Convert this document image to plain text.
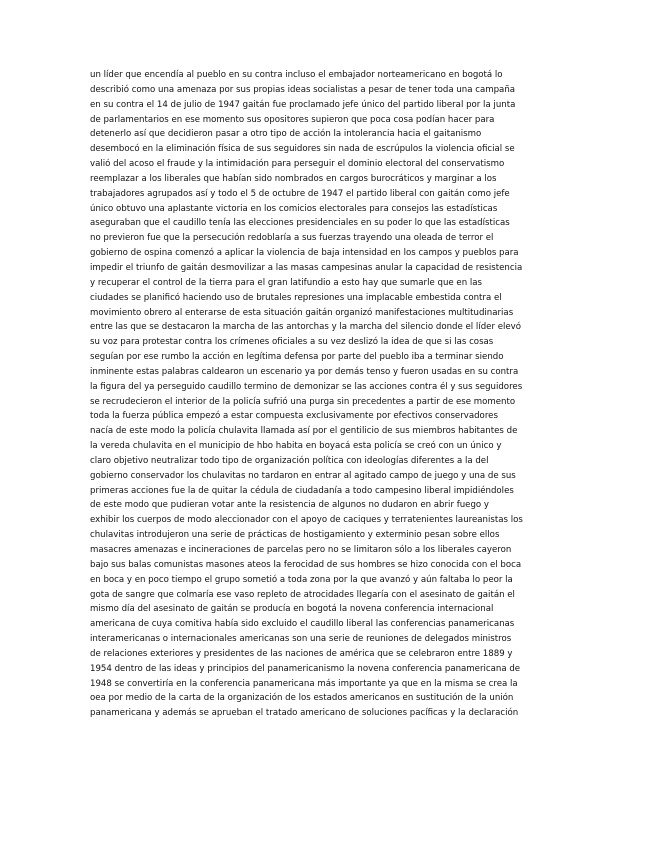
un líder que encendía al pueblo en su contra incluso el embajador norteamericano en bogotá lo
describió como una amenaza por sus propias ideas socialistas a pesar de tener toda una campaña
en su contra el 14 de julio de 1947 gaitán fue proclamado jefe único del partido liberal por la junta
de parlamentarios en ese momento sus opositores supieron que poca cosa podían hacer para
detenerlo así que decidieron pasar a otro tipo de acción la intolerancia hacia el gaitanismo
desembocó en la eliminación física de sus seguidores sin nada de escrúpulos la violencia oficial se
valió del acoso el fraude y la intimidación para perseguir el dominio electoral del conservatismo
reemplazar a los liberales que habían sido nombrados en cargos burocráticos y marginar a los
trabajadores agrupados así y todo el 5 de octubre de 1947 el partido liberal con gaitán como jefe
único obtuvo una aplastante victoria en los comicios electorales para consejos las estadísticas
aseguraban que el caudillo tenía las elecciones presidenciales en su poder lo que las estadísticas
no previeron fue que la persecución redoblaría a sus fuerzas trayendo una oleada de terror el
gobierno de ospina comenzó a aplicar la violencia de baja intensidad en los campos y pueblos para
impedir el triunfo de gaitán desmovilizar a las masas campesinas anular la capacidad de resistencia
y recuperar el control de la tierra para el gran latifundio a esto hay que sumarle que en las
ciudades se planificó haciendo uso de brutales represiones una implacable embestida contra el
movimiento obrero al enterarse de esta situación gaitán organizó manifestaciones multitudinarias
entre las que se destacaron la marcha de las antorchas y la marcha del silencio donde el líder elevó
su voz para protestar contra los crímenes oficiales a su vez deslizó la idea de que si las cosas
seguían por ese rumbo la acción en legítima defensa por parte del pueblo iba a terminar siendo
inminente estas palabras caldearon un escenario ya por demás tenso y fueron usadas en su contra
la figura del ya perseguido caudillo termino de demonizar se las acciones contra él y sus seguidores
se recrudecieron el interior de la policía sufrió una purga sin precedentes a partir de ese momento
toda la fuerza pública empezó a estar compuesta exclusivamente por efectivos conservadores
nacía de este modo la policía chulavita llamada así por el gentilicio de sus miembros habitantes de
la vereda chulavita en el municipio de hbo habita en boyacá esta policía se creó con un único y
claro objetivo neutralizar todo tipo de organización política con ideologías diferentes a la del
gobierno conservador los chulavitas no tardaron en entrar al agitado campo de juego y una de sus
primeras acciones fue la de quitar la cédula de ciudadanía a todo campesino liberal impidiéndoles
de este modo que pudieran votar ante la resistencia de algunos no dudaron en abrir fuego y
exhibir los cuerpos de modo aleccionador con el apoyo de caciques y terratenientes laureanistas los
chulavitas introdujeron una serie de prácticas de hostigamiento y exterminio pesan sobre ellos
masacres amenazas e incineraciones de parcelas pero no se limitaron sólo a los liberales cayeron
bajo sus balas comunistas masones ateos la ferocidad de sus hombres se hizo conocida con el boca
en boca y en poco tiempo el grupo sometió a toda zona por la que avanzó y aún faltaba lo peor la
gota de sangre que colmaría ese vaso repleto de atrocidades llegaría con el asesinato de gaitán el
mismo día del asesinato de gaitán se producía en bogotá la novena conferencia internacional
americana de cuya comitiva había sido excluido el caudillo liberal las conferencias panamericanas
interamericanas o internacionales americanas son una serie de reuniones de delegados ministros
de relaciones exteriores y presidentes de las naciones de américa que se celebraron entre 1889 y
1954 dentro de las ideas y principios del panamericanismo la novena conferencia panamericana de
1948 se convertiría en la conferencia panamericana más importante ya que en la misma se crea la
oea por medio de la carta de la organización de los estados americanos en sustitución de la unión
panamericana y además se aprueban el tratado americano de soluciones pacíficas y la declaración
